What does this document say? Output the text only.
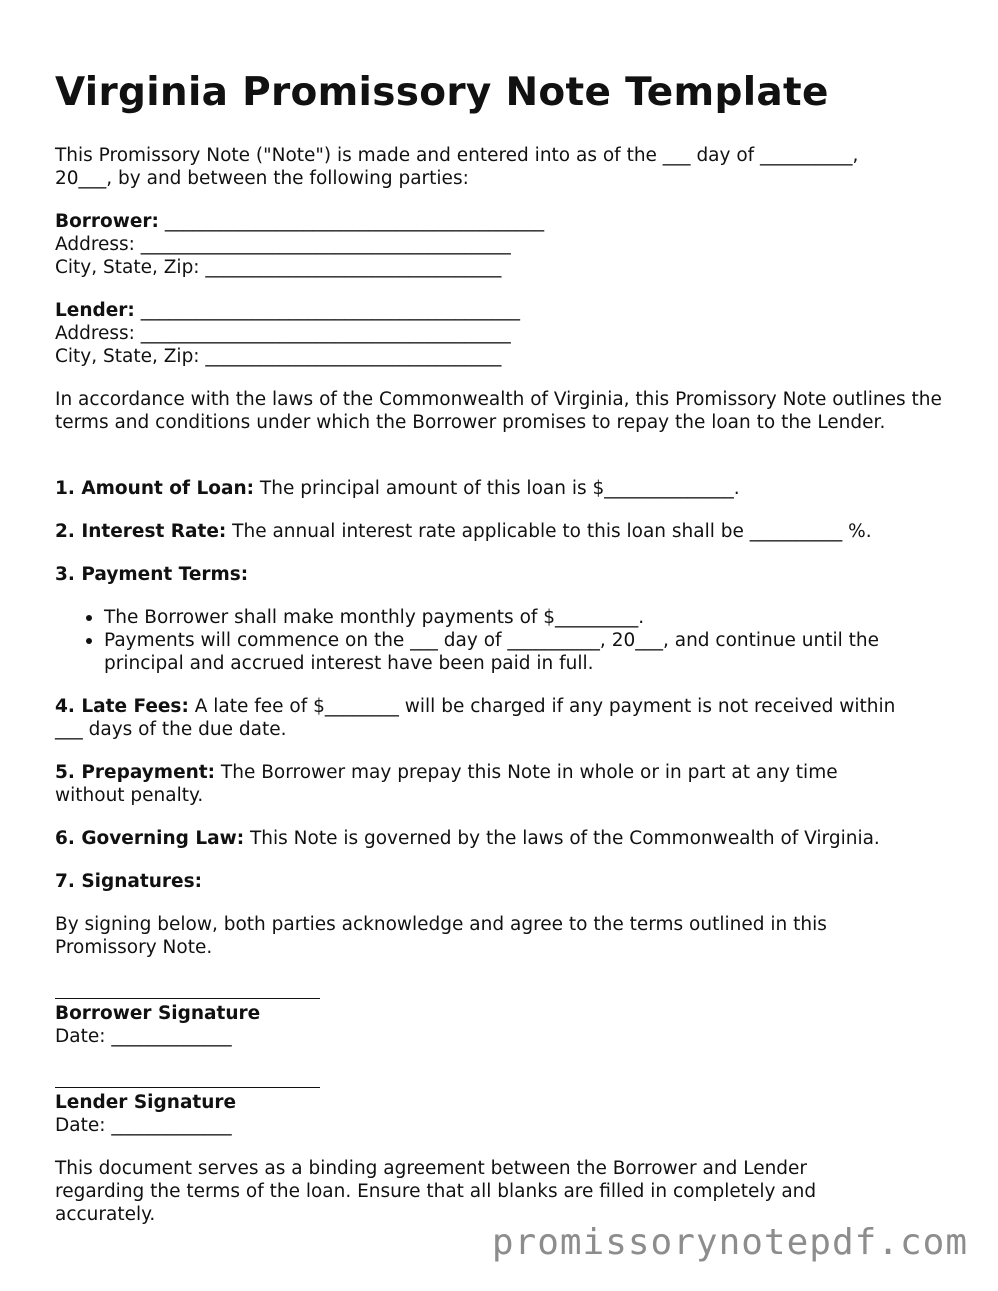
Virginia Promissory Note Template
This Promissory Note ("Note") is made and entered into as of the ___ day of __________,
20___, by and between the following parties:
Borrower: _________________________________________
Address: ________________________________________
City, State, Zip: ________________________________
Lender: _________________________________________
Address: ________________________________________
City, State, Zip: ________________________________
In accordance with the laws of the Commonwealth of Virginia, this Promissory Note outlines the terms and conditions under which the Borrower promises to repay the loan to the Lender.
1. Amount of Loan: The principal amount of this loan is $______________.
2. Interest Rate: The annual interest rate applicable to this loan shall be __________ %.
3. Payment Terms:
The Borrower shall make monthly payments of $_________.
Payments will commence on the ___ day of __________, 20___, and continue until the
principal and accrued interest have been paid in full.
4. Late Fees: A late fee of $________ will be charged if any payment is not received within
___ days of the due date.
5. Prepayment: The Borrower may prepay this Note in whole or in part at any time
without penalty.
6. Governing Law: This Note is governed by the laws of the Commonwealth of Virginia.
7. Signatures:
By signing below, both parties acknowledge and agree to the terms outlined in this
Promissory Note.
Borrower Signature
Date: _____________
Lender Signature
Date: _____________
This document serves as a binding agreement between the Borrower and Lender
regarding the terms of the loan. Ensure that all blanks are filled in completely and
accurately.
promissorynotepdf.com
